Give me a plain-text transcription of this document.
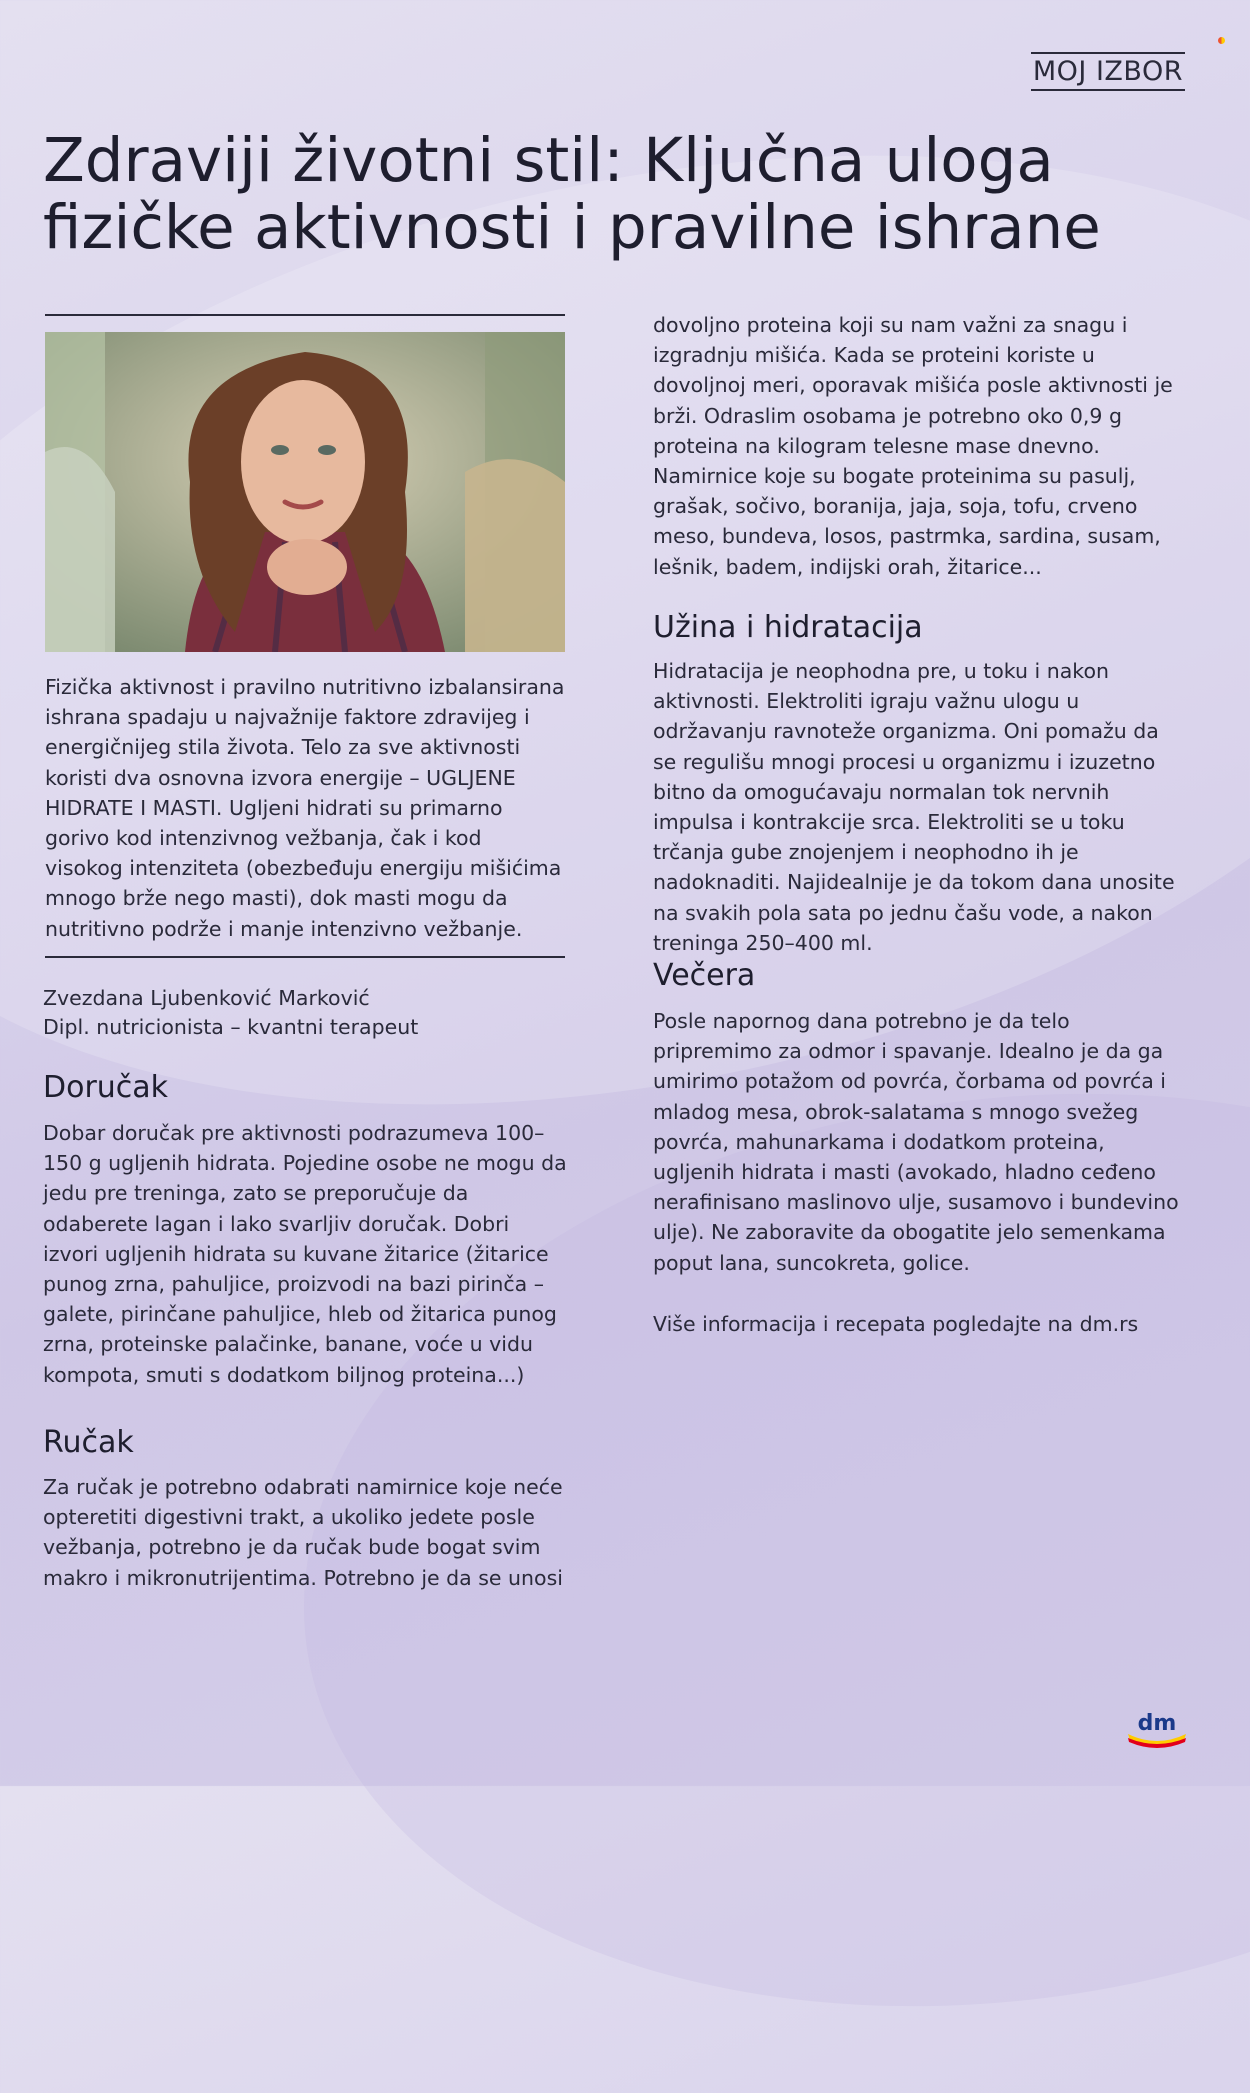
MOJ IZBOR
Zdraviji životni stil: Ključna uloga
fizičke aktivnosti i pravilne ishrane

Fizička aktivnost i pravilno nutritivno izbalansirana ishrana spadaju u najvažnije faktore zdravijeg i energičnijeg stila života. Telo za sve aktivnosti koristi dva osnovna izvora energije – UGLJENE HIDRATE I MASTI. Ugljeni hidrati su primarno gorivo kod intenzivnog vežbanja, čak i kod visokog intenziteta (obezbeđuju energiju mišićima mnogo brže nego masti), dok masti mogu da nutritivno podrže i manje intenzivno vežbanje.

Zvezdana Ljubenković Marković
Dipl. nutricionista – kvantni terapeut

Doručak

Dobar doručak pre aktivnosti podrazumeva 100–150 g ugljenih hidrata. Pojedine osobe ne mogu da jedu pre treninga, zato se preporučuje da odaberete lagan i lako svarljiv doručak. Dobri izvori ugljenih hidrata su kuvane žitarice (žitarice punog zrna, pahuljice, proizvodi na bazi pirinča – galete, pirinčane pahuljice, hleb od žitarica punog zrna, proteinske palačinke, banane, voće u vidu kompota, smuti s dodatkom biljnog proteina...)

Ručak

Za ručak je potrebno odabrati namirnice koje neće opteretiti digestivni trakt, a ukoliko jedete posle vežbanja, potrebno je da ručak bude bogat svim makro i mikronutrijentima. Potrebno je da se unosi

dovoljno proteina koji su nam važni za snagu i izgradnju mišića. Kada se proteini koriste u dovoljnoj meri, oporavak mišića posle aktivnosti je brži. Odraslim osobama je potrebno oko 0,9 g proteina na kilogram telesne mase dnevno. Namirnice koje su bogate proteinima su pasulj, grašak, sočivo, boranija, jaja, soja, tofu, crveno meso, bundeva, losos, pastrmka, sardina, susam, lešnik, badem, indijski orah, žitarice...

Užina i hidratacija

Hidratacija je neophodna pre, u toku i nakon aktivnosti. Elektroliti igraju važnu ulogu u održavanju ravnoteže organizma. Oni pomažu da se regulišu mnogi procesi u organizmu i izuzetno bitno da omogućavaju normalan tok nervnih impulsa i kontrakcije srca. Elektroliti se u toku trčanja gube znojenjem i neophodno ih je nadoknaditi. Najidealnije je da tokom dana unosite na svakih pola sata po jednu čašu vode, a nakon treninga 250–400 ml.

Večera

Posle napornog dana potrebno je da telo pripremimo za odmor i spavanje. Idealno je da ga umirimo potažom od povrća, čorbama od povrća i mladog mesa, obrok-salatama s mnogo svežeg povrća, mahunarkama i dodatkom proteina, ugljenih hidrata i masti (avokado, hladno ceđeno nerafinisano maslinovo ulje, susamovo i bundevino ulje). Ne zaboravite da obogatite jelo semenkama poput lana, suncokreta, golice.

Više informacija i recepata pogledajte na dm.rs

dm
